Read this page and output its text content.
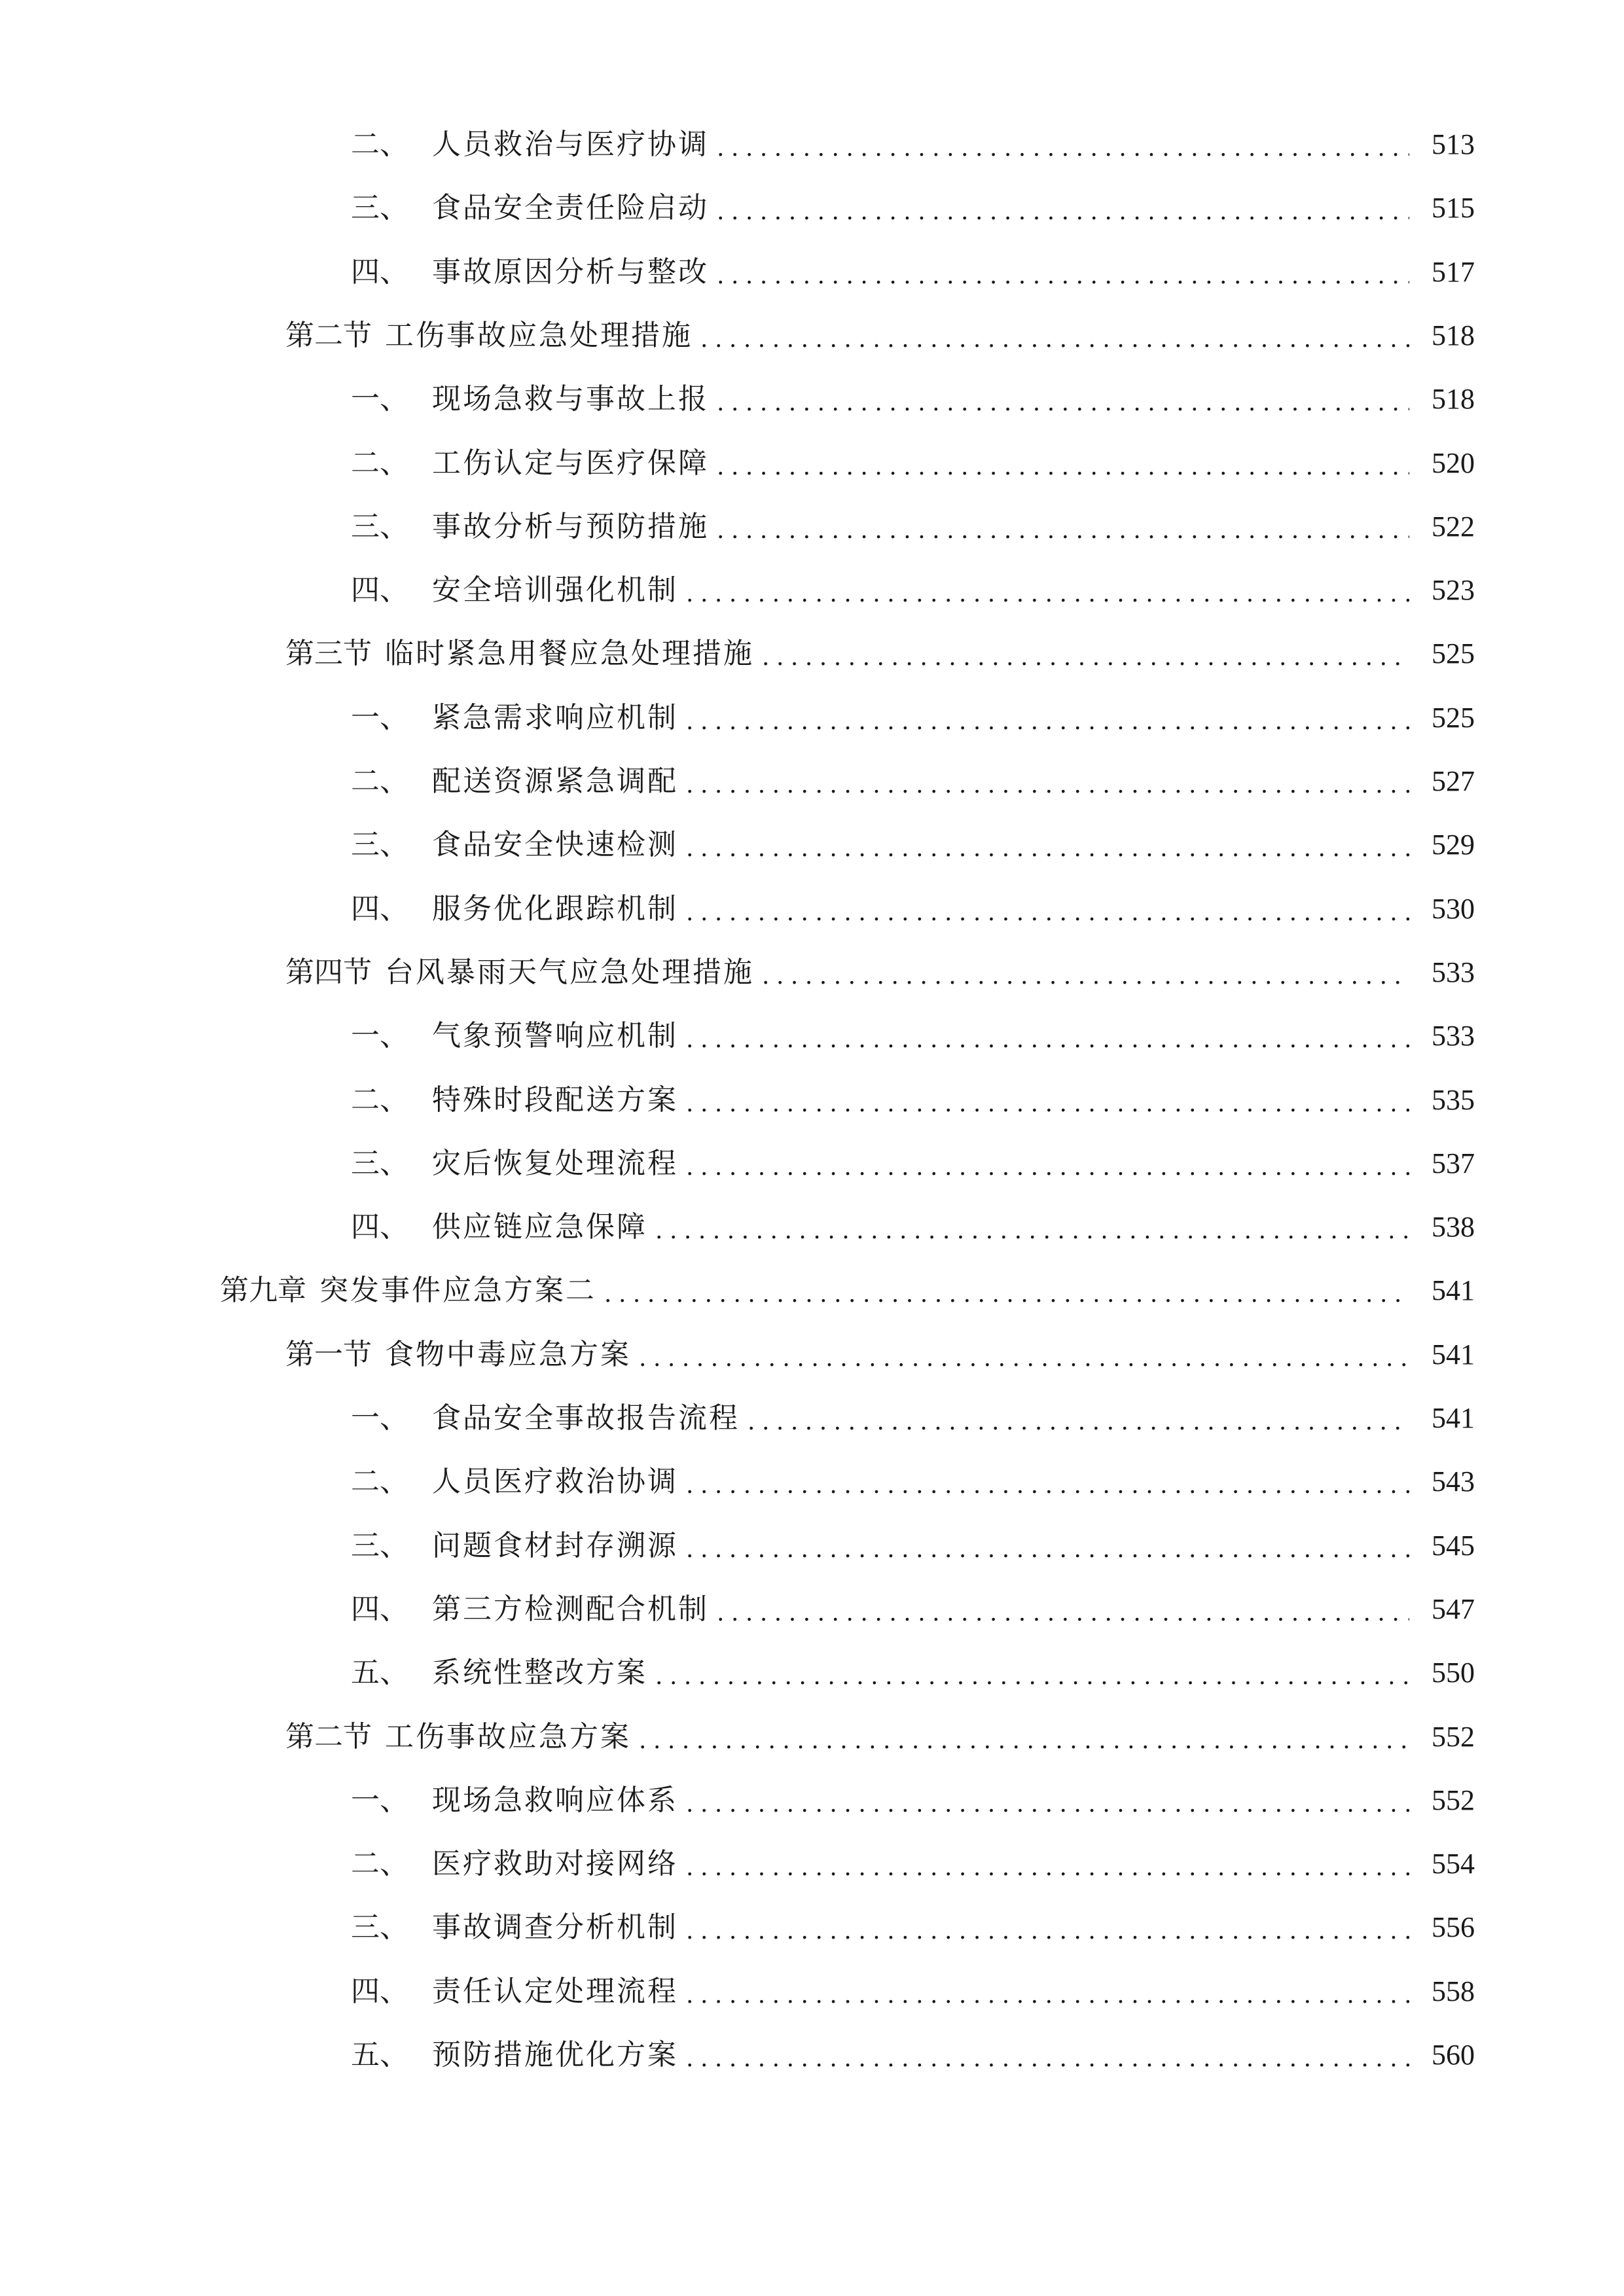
二、 人员救治与医疗协调 .....	513
三、 食品安全责任险启动 .....	515
四、 事故原因分析与整改 .....	517
第二节 工伤事故应急处理措施 .....	518
一、 现场急救与事故上报 .....	518
二、 工伤认定与医疗保障 .....	520
三、 事故分析与预防措施 .....	522
四、 安全培训强化机制 .....	523
第三节 临时紧急用餐应急处理措施 .....	525
一、 紧急需求响应机制 .....	525
二、 配送资源紧急调配 .....	527
三、 食品安全快速检测 .....	529
四、 服务优化跟踪机制 .....	530
第四节 台风暴雨天气应急处理措施 .....	533
一、 气象预警响应机制 .....	533
二、 特殊时段配送方案 .....	535
三、 灾后恢复处理流程 .....	537
四、 供应链应急保障 .....	538
第九章 突发事件应急方案二 .....	541
第一节 食物中毒应急方案 .....	541
一、 食品安全事故报告流程 .....	541
二、 人员医疗救治协调 .....	543
三、 问题食材封存溯源 .....	545
四、 第三方检测配合机制 .....	547
五、 系统性整改方案 .....	550
第二节 工伤事故应急方案 .....	552
一、 现场急救响应体系 .....	552
二、 医疗救助对接网络 .....	554
三、 事故调查分析机制 .....	556
四、 责任认定处理流程 .....	558
五、 预防措施优化方案 .....	560
